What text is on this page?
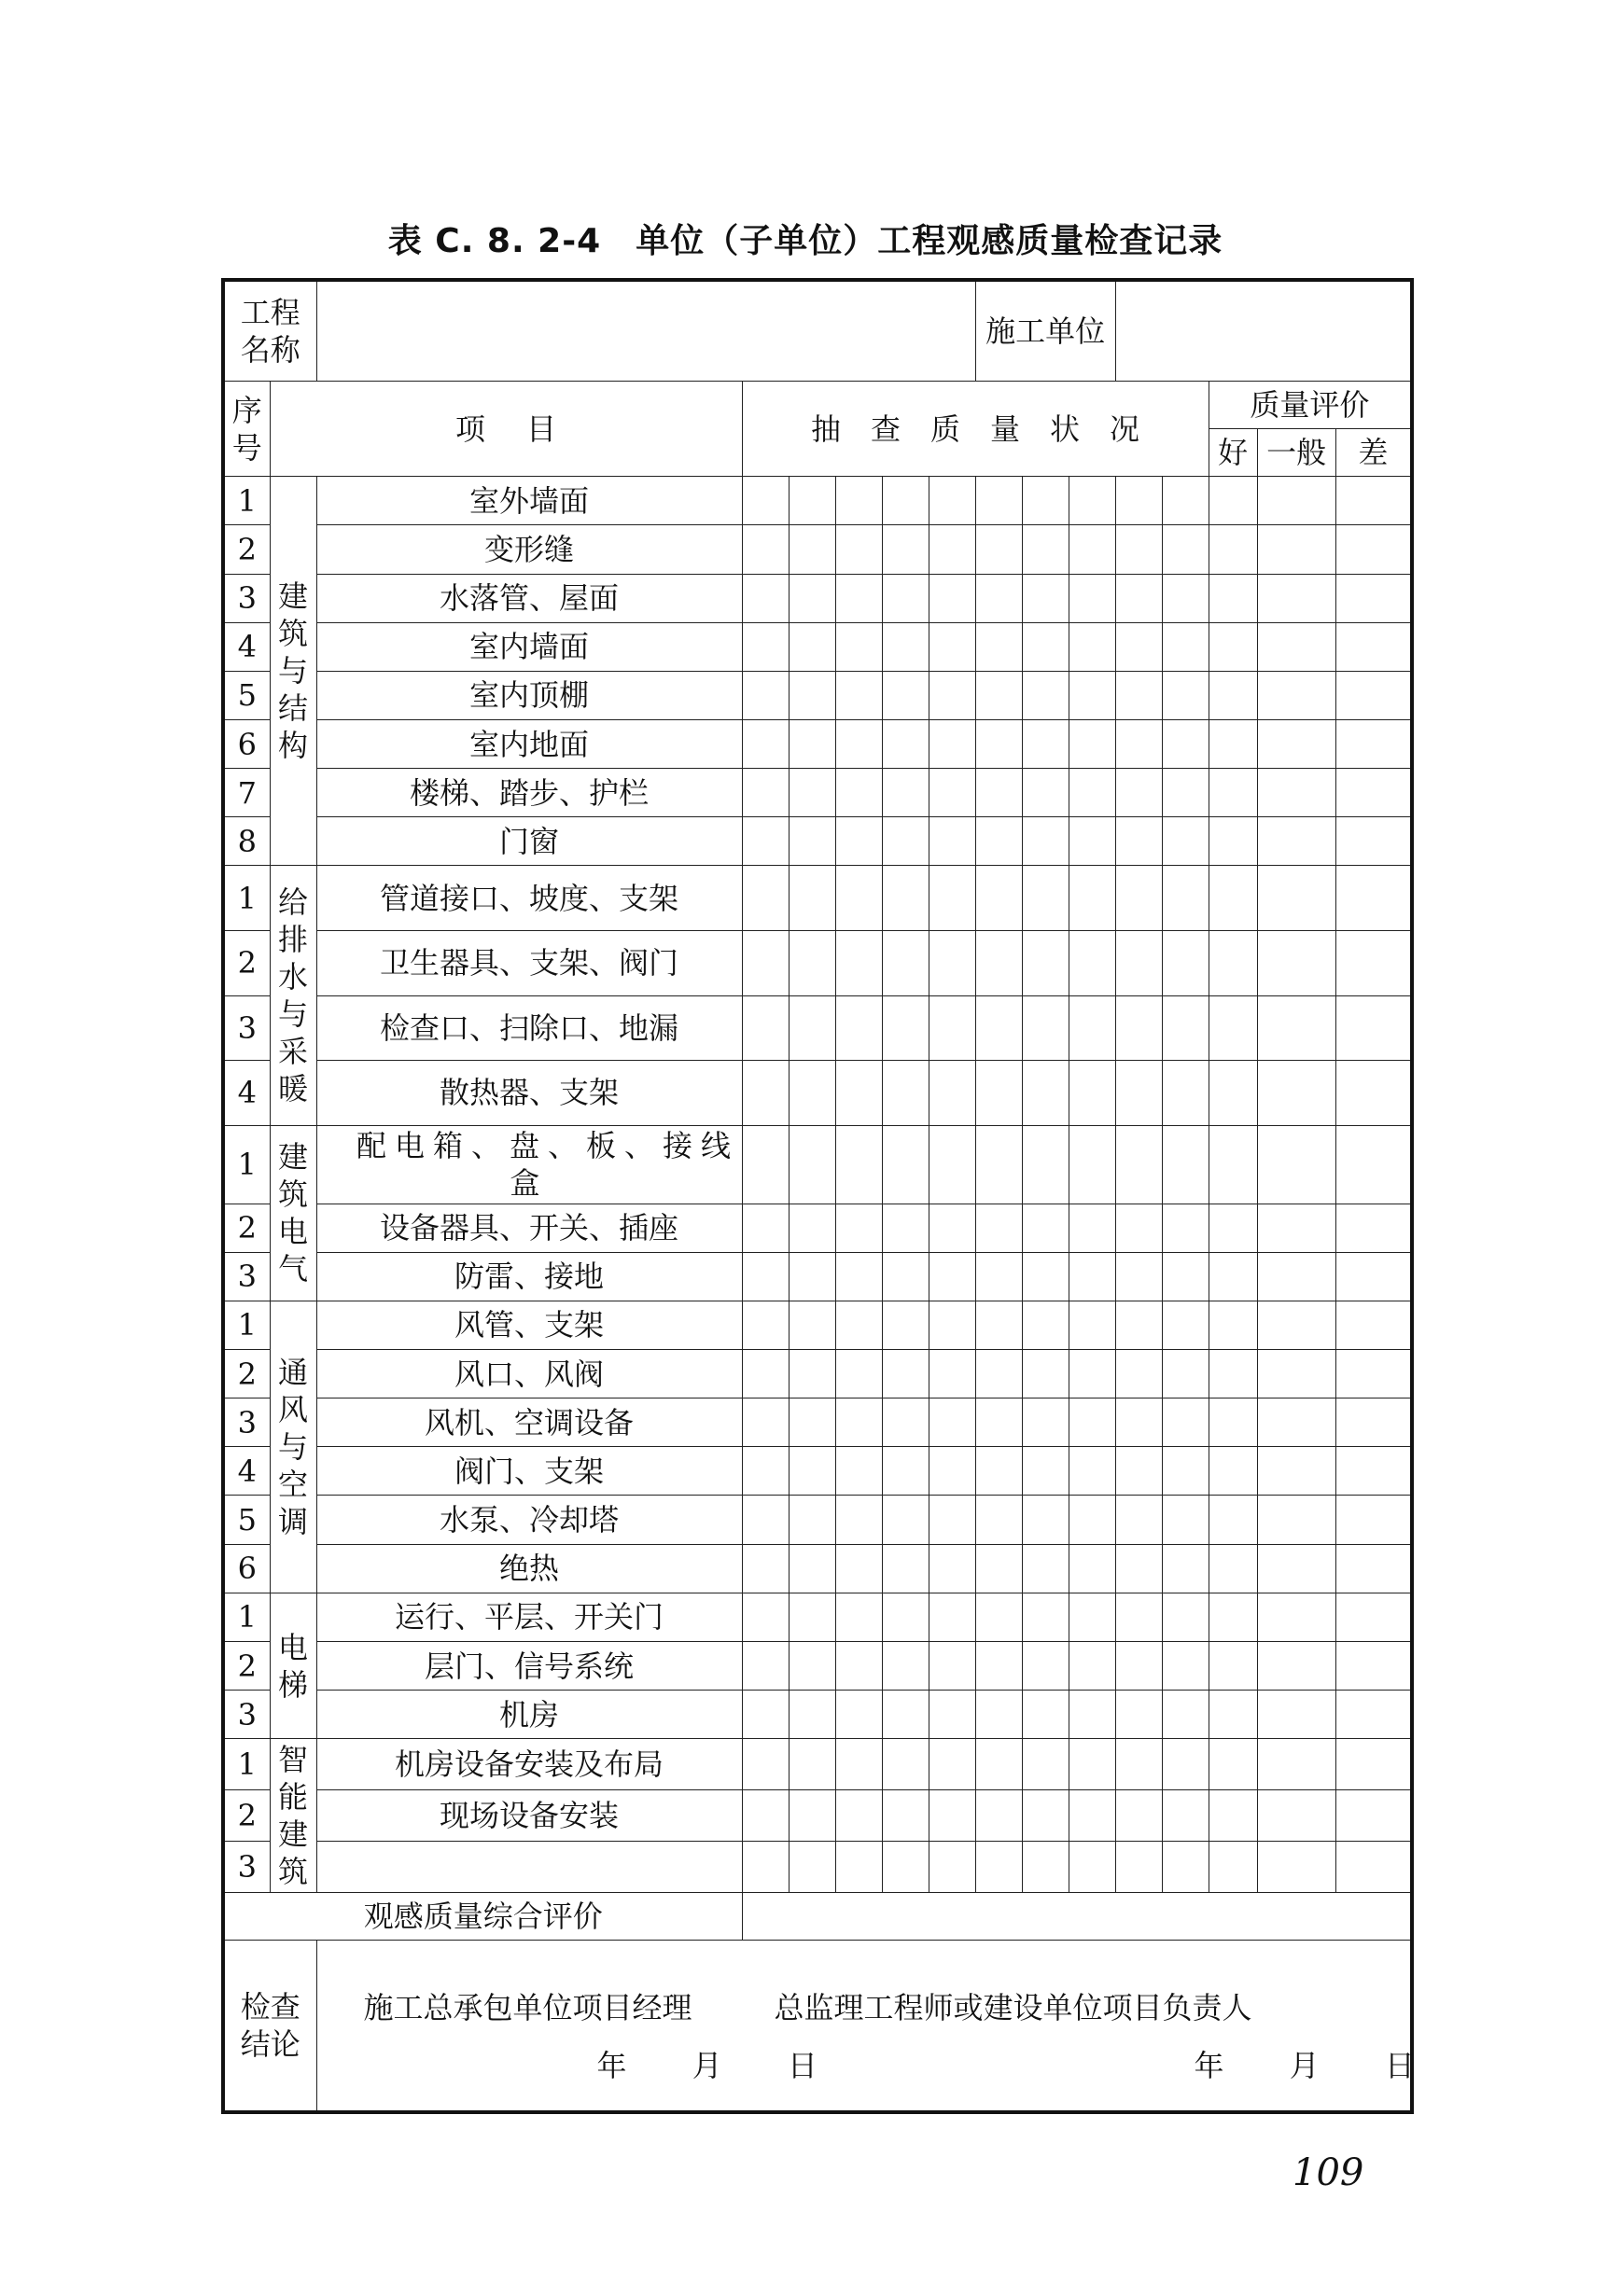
表 C. 8. 2-4　单位（子单位）工程观感质量检查记录
工程名称								施工单位							

序号	项目		抽查质量状况										质量评价		
													好	一般	差
1	建筑与结构	室外墙面													
2		变形缝													
3		水落管、屋面													
4		室内墙面													
5		室内顶棚													
6		室内地面													
7		楼梯、踏步、护栏													
8		门窗													
1	给排水与采暖	管道接口、坡度、支架													
2		卫生器具、支架、阀门													
3		检查口、扫除口、地漏													
4		散热器、支架													
1	建筑电气	配电箱、盘、板、接线盒													

2		设备器具、开关、插座													
3		防雷、接地													
1	通风与空调	风管、支架													
2		风口、风阀													
3		风机、空调设备													
4		阀门、支架													
5		水泵、冷却塔													
6		绝热													
1	电梯	运行、平层、开关门													
2		层门、信号系统													
3		机房													
1	智能建筑	机房设备安装及布局													
2		现场设备安装													
3															
观感质量综合评价															

检查结论		施工总承包单位项目经理 总监理工程师或建设单位项目负责人
年 月 日 年 月 日													
109
